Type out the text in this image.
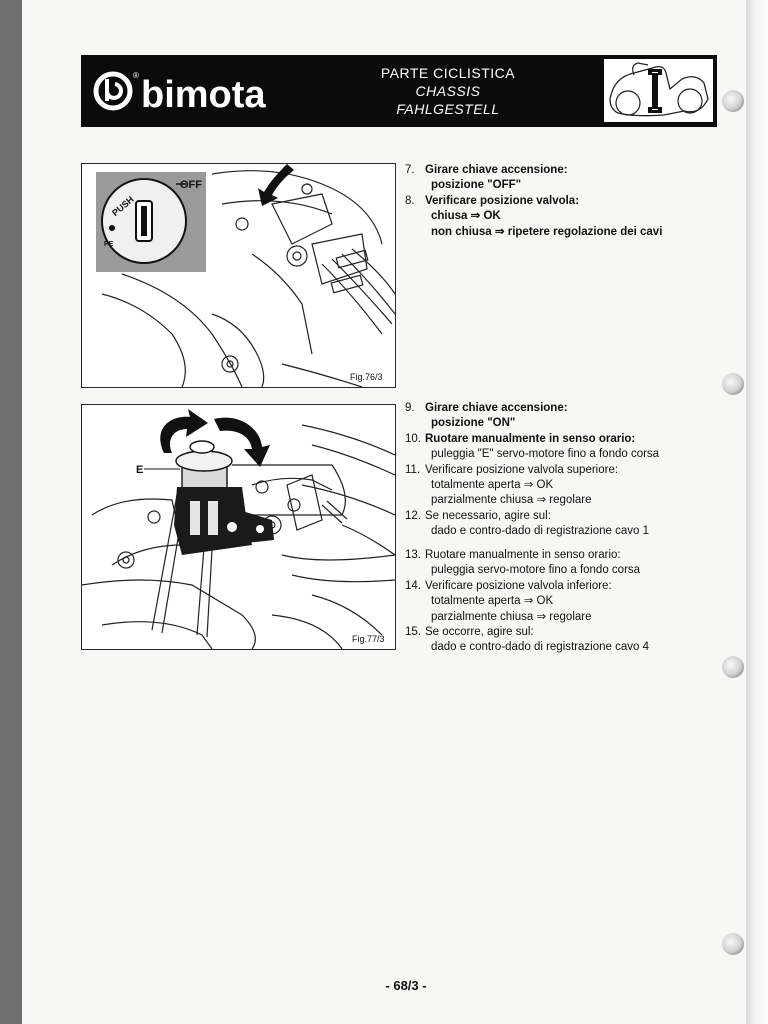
® bimota
PARTE CICLISTICA
CHASSIS
FAHLGESTELL
OFF
PUSH
PE
Fig.76/3
E
Fig.77/3
7. Girare chiave accensione:
posizione "OFF"
8. Verificare posizione valvola:
chiusa ⇒ OK
non chiusa ⇒ ripetere regolazione dei cavi
9. Girare chiave accensione:
posizione "ON"
10. Ruotare manualmente in senso orario:
puleggia "E" servo-motore fino a fondo corsa
11. Verificare posizione valvola superiore:
totalmente aperta ⇒ OK
parzialmente chiusa ⇒ regolare
12. Se necessario, agire sul:
dado e contro-dado di registrazione cavo 1
13. Ruotare manualmente in senso orario:
puleggia servo-motore fino a fondo corsa
14. Verificare posizione valvola inferiore:
totalmente aperta ⇒ OK
parzialmente chiusa ⇒ regolare
15. Se occorre, agire sul:
dado e contro-dado di registrazione cavo 4
- 68/3 -
